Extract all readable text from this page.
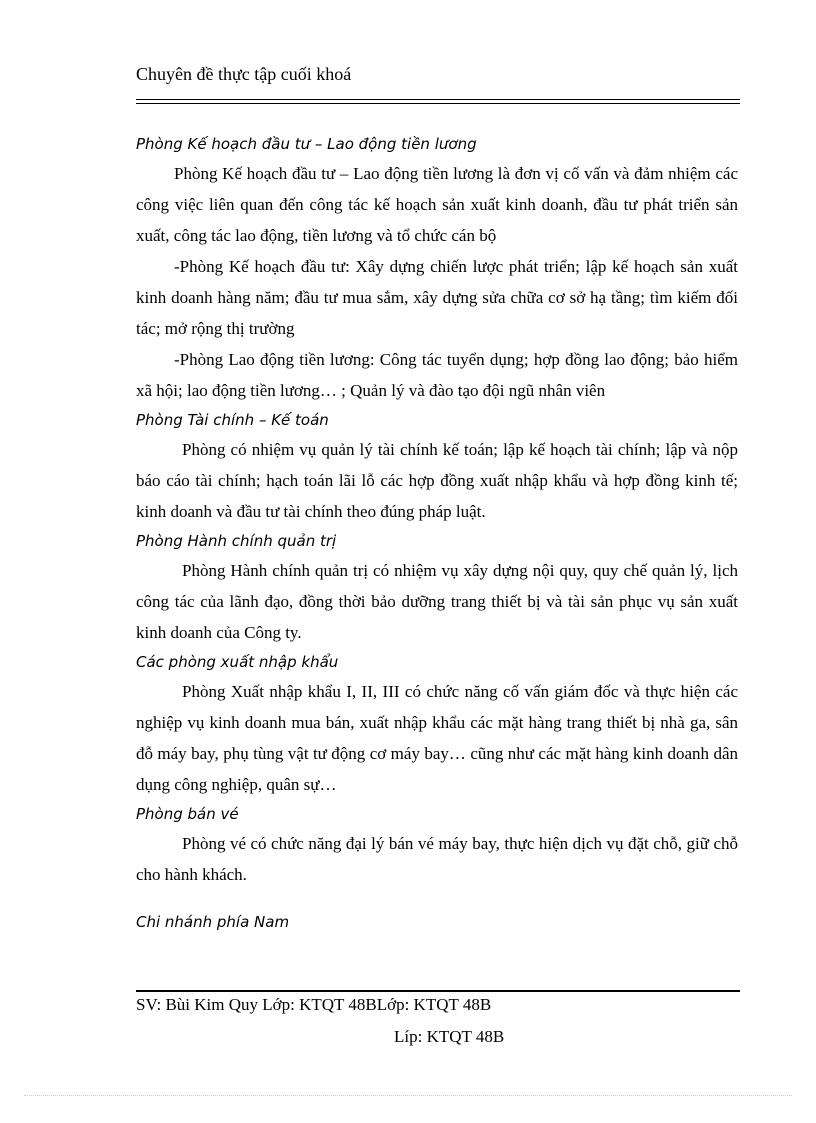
Chuyên đề thực tập cuối khoá
Phòng Kế hoạch đầu tư – Lao động tiền lương

Phòng Kế hoạch đầu tư – Lao động tiền lương là đơn vị cố vấn và đảm nhiệm các công việc liên quan đến công tác kế hoạch sản xuất kinh doanh, đầu tư phát triển sản xuất, công tác lao động, tiền lương và tổ chức cán bộ

-Phòng Kế hoạch đầu tư: Xây dựng chiến lược phát triển; lập kế hoạch sản xuất kinh doanh hàng năm; đầu tư mua sắm, xây dựng sửa chữa cơ sở hạ tầng; tìm kiếm đối tác; mở rộng thị trường

-Phòng Lao động tiền lương: Công tác tuyển dụng; hợp đồng lao động; bảo hiểm xã hội; lao động tiền lương… ; Quản lý và đào tạo đội ngũ nhân viên

Phòng Tài chính – Kế toán

Phòng có nhiệm vụ quản lý tài chính kế toán; lập kế hoạch tài chính; lập và nộp báo cáo tài chính; hạch toán lãi lỗ các hợp đồng xuất nhập khẩu và hợp đồng kinh tế; kinh doanh và đầu tư tài chính theo đúng pháp luật.

Phòng Hành chính quản trị

Phòng Hành chính quản trị có nhiệm vụ xây dựng nội quy, quy chế quản lý, lịch công tác của lãnh đạo, đồng thời bảo dưỡng trang thiết bị và tài sản phục vụ sản xuất kinh doanh của Công ty.

Các phòng xuất nhập khẩu

Phòng Xuất nhập khẩu I, II, III có chức năng cố vấn giám đốc và thực hiện các nghiệp vụ kinh doanh mua bán, xuất nhập khẩu các mặt hàng trang thiết bị nhà ga, sân đỗ máy bay, phụ tùng vật tư động cơ máy bay… cũng như các mặt hàng kinh doanh dân dụng công nghiệp, quân sự…

Phòng bán vé

Phòng vé có chức năng đại lý bán vé máy bay, thực hiện dịch vụ đặt chỗ, giữ chỗ cho hành khách.

Chi nhánh phía Nam
SV: Bùi Kim Quy Lớp: KTQT 48BLớp: KTQT 48B
Líp: KTQT 48B
